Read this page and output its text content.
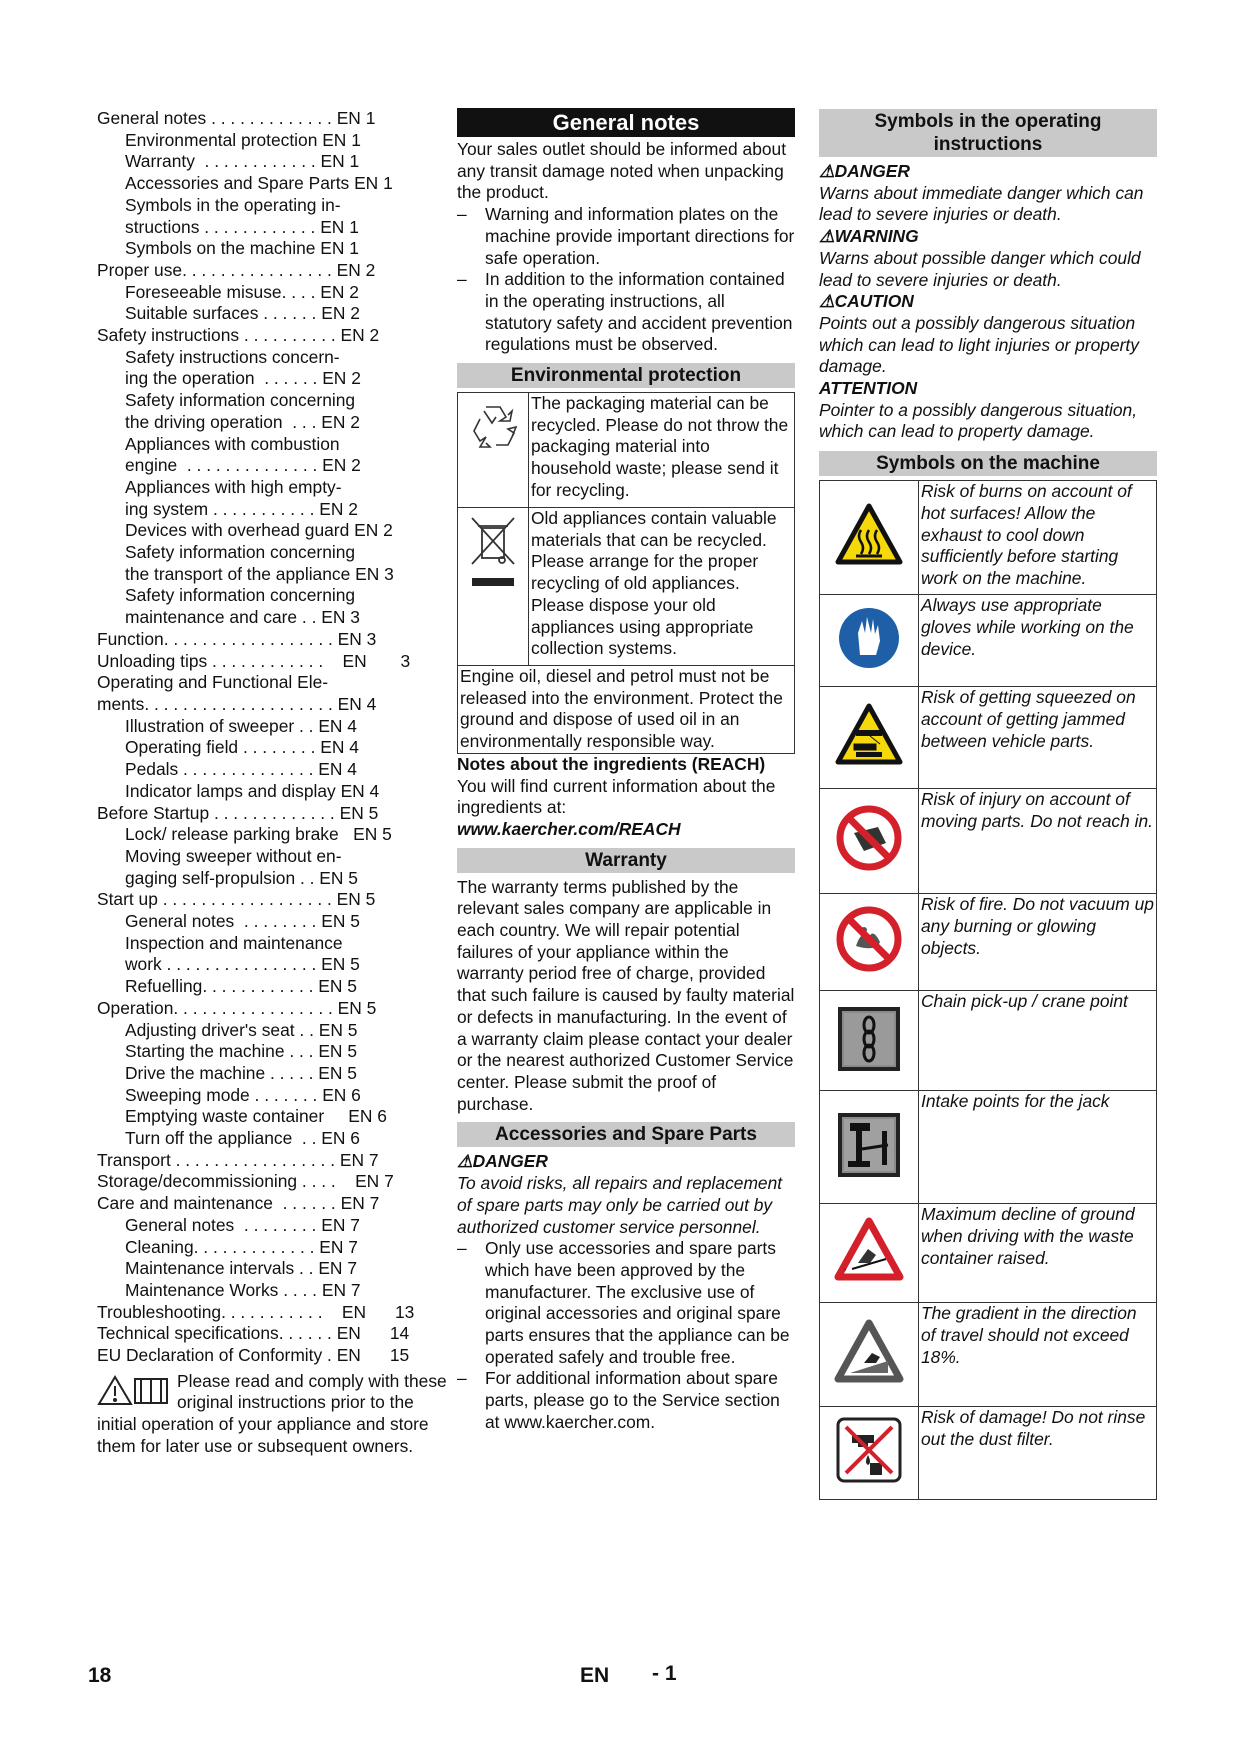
General notes . . . . . . . . . . . . . EN 1
Environmental protection EN 1
Warranty  . . . . . . . . . . . . EN 1
Accessories and Spare Parts EN 1
Symbols in the operating in-
structions . . . . . . . . . . . . EN 1
Symbols on the machine EN 1
Proper use. . . . . . . . . . . . . . . . EN 2
Foreseeable misuse. . . . EN 2
Suitable surfaces . . . . . . EN 2
Safety instructions . . . . . . . . . . EN 2
Safety instructions concern-
ing the operation  . . . . . . EN 2
Safety information concerning
the driving operation  . . . EN 2
Appliances with combustion
engine  . . . . . . . . . . . . . . EN 2
Appliances with high empty-
ing system . . . . . . . . . . . EN 2
Devices with overhead guard EN 2
Safety information concerning
the transport of the appliance EN 3
Safety information concerning
maintenance and care . . EN 3
Function. . . . . . . . . . . . . . . . . . EN 3
Unloading tips . . . . . . . . . . . .    EN       3
Operating and Functional Ele-
ments. . . . . . . . . . . . . . . . . . . . EN 4
Illustration of sweeper . . EN 4
Operating field . . . . . . . . EN 4
Pedals . . . . . . . . . . . . . . EN 4
Indicator lamps and display EN 4
Before Startup . . . . . . . . . . . . . EN 5
Lock/ release parking brake   EN 5
Moving sweeper without en-
gaging self-propulsion . . EN 5
Start up . . . . . . . . . . . . . . . . . . EN 5
General notes  . . . . . . . . EN 5
Inspection and maintenance
work . . . . . . . . . . . . . . . . EN 5
Refuelling. . . . . . . . . . . . EN 5
Operation. . . . . . . . . . . . . . . . . EN 5
Adjusting driver's seat . . EN 5
Starting the machine . . . EN 5
Drive the machine . . . . . EN 5
Sweeping mode . . . . . . . EN 6
Emptying waste container     EN 6
Turn off the appliance  . . EN 6
Transport . . . . . . . . . . . . . . . . . EN 7
Storage/decommissioning . . . .    EN 7
Care and maintenance  . . . . . . EN 7
General notes  . . . . . . . . EN 7
Cleaning. . . . . . . . . . . . . EN 7
Maintenance intervals . . EN 7
Maintenance Works . . . . EN 7
Troubleshooting. . . . . . . . . . .    EN      13
Technical specifications. . . . . . EN      14
EU Declaration of Conformity . EN      15
Please read and comply with these original instructions prior to the initial operation of your appliance and store them for later use or subsequent owners.
General notes
Your sales outlet should be informed about any transit damage noted when unpacking the product.
– Warning and information plates on the machine provide important directions for safe operation.
– In addition to the information contained in the operating instructions, all statutory safety and accident prevention regulations must be observed.
Environmental protection
	The packaging material can be recycled. Please do not throw the packaging material into household waste; please send it for recycling.
	Old appliances contain valuable materials that can be recycled. Please arrange for the proper recycling of old appliances. Please dispose your old appliances using appropriate collection systems.
Engine oil, diesel and petrol must not be released into the environment. Protect the ground and dispose of used oil in an environmentally responsible way.	
Notes about the ingredients (REACH)
You will find current information about the ingredients at:
www.kaercher.com/REACH
Warranty
The warranty terms published by the relevant sales company are applicable in each country. We will repair potential failures of your appliance within the warranty period free of charge, provided that such failure is caused by faulty material or defects in manufacturing. In the event of a warranty claim please contact your dealer or the nearest authorized Customer Service center. Please submit the proof of purchase.
Accessories and Spare Parts
⚠DANGER
To avoid risks, all repairs and replacement of spare parts may only be carried out by authorized customer service personnel.
– Only use accessories and spare parts which have been approved by the manufacturer. The exclusive use of original accessories and original spare parts ensures that the appliance can be operated safely and trouble free.
– For additional information about spare parts, please go to the Service section at www.kaercher.com.
Symbols in the operating instructions
⚠DANGER
Warns about immediate danger which can lead to severe injuries or death.
⚠WARNING
Warns about possible danger which could lead to severe injuries or death.
⚠CAUTION
Points out a possibly dangerous situation which can lead to light injuries or property damage.
ATTENTION
Pointer to a possibly dangerous situation, which can lead to property damage.
Symbols on the machine
	Risk of burns on account of hot surfaces! Allow the exhaust to cool down sufficiently before starting work on the machine.
	Always use appropriate gloves while working on the device.
	Risk of getting squeezed on account of getting jammed between vehicle parts.
	Risk of injury on account of moving parts. Do not reach in.
	Risk of fire. Do not vacuum up any burning or glowing objects.
	Chain pick-up / crane point
	Intake points for the jack

°	Maximum decline of ground when driving with the waste container raised.
	The gradient in the direction of travel should not exceed 18%.
	Risk of damage! Do not rinse out the dust filter.
18	EN - 1
